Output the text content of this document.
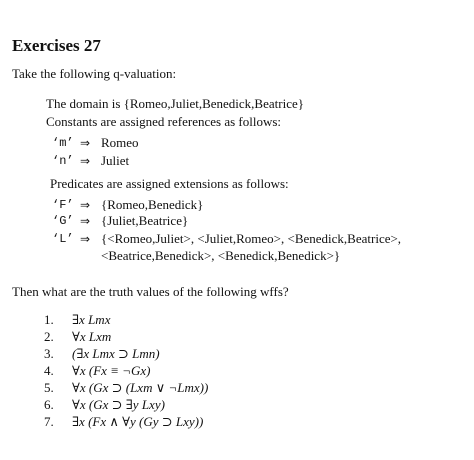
Exercises 27
Take the following q-valuation:
The domain is {Romeo,Juliet,Benedick,Beatrice}
Constants are assigned references as follows:
‘m’ ⇒ Romeo
‘n’ ⇒ Juliet
Predicates are assigned extensions as follows:
‘F’ ⇒ {Romeo,Benedick}
‘G’ ⇒ {Juliet,Beatrice}
‘L’ ⇒ {<Romeo,Juliet>, <Juliet,Romeo>, <Benedick,Beatrice>,
<Beatrice,Benedick>, <Benedick,Benedick>}
Then what are the truth values of the following wffs?
1. ∃x Lmx
2. ∀x Lxm
3. (∃x Lmx ⊃ Lmn)
4. ∀x (Fx ≡ ¬Gx)
5. ∀x (Gx ⊃ (Lxm ∨ ¬Lmx))
6. ∀x (Gx ⊃ ∃y Lxy)
7. ∃x (Fx ∧ ∀y (Gy ⊃ Lxy))
